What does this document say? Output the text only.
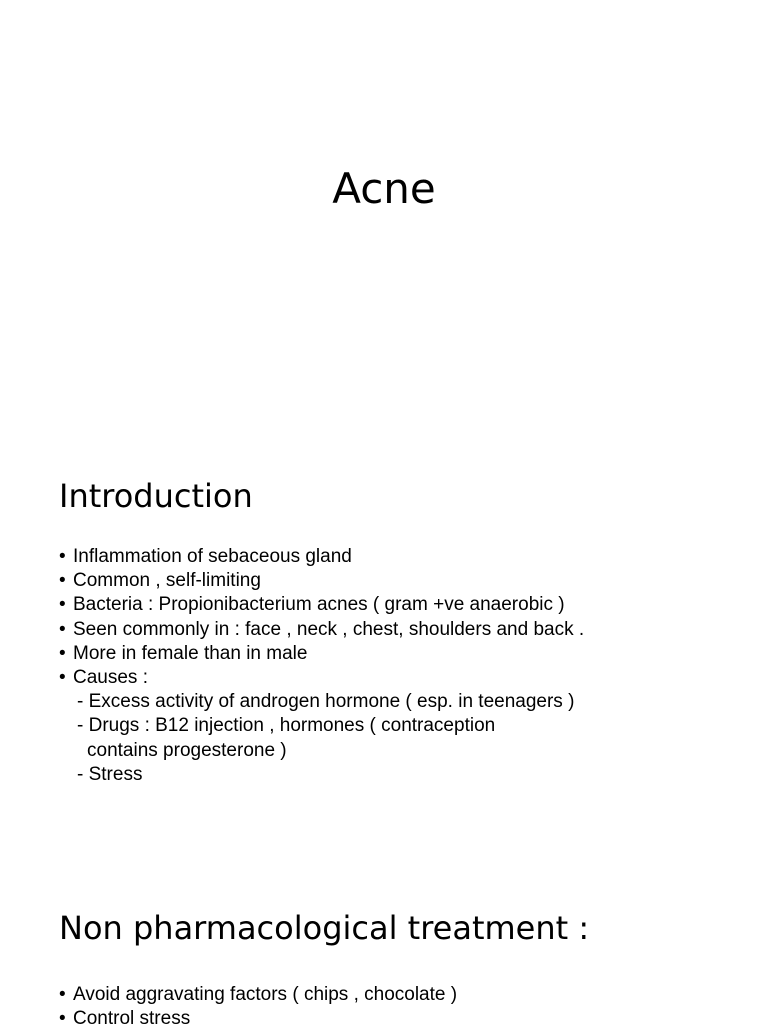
Acne
Introduction
• Inflammation of sebaceous gland
• Common , self-limiting
• Bacteria : Propionibacterium acnes ( gram +ve anaerobic )
• Seen commonly in : face , neck , chest, shoulders and back .
• More in female than in male
• Causes :
- Excess activity of androgen hormone ( esp. in teenagers )
- Drugs : B12 injection , hormones ( contraception
contains progesterone )
- Stress
Non pharmacological treatment :
• Avoid aggravating factors ( chips , chocolate )
• Control stress
